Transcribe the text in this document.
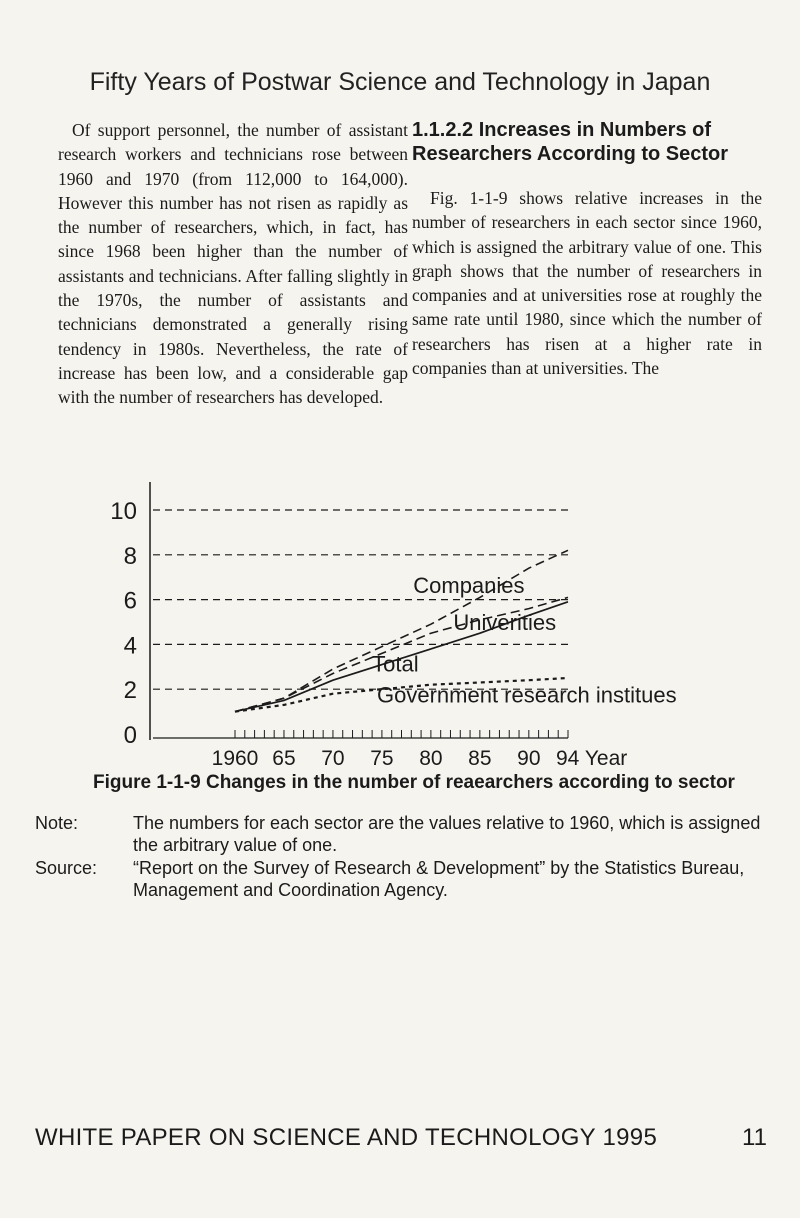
Fifty Years of Postwar Science and Technology in Japan

Of support personnel, the number of assistant research workers and technicians rose between 1960 and 1970 (from 112,000 to 164,000). However this number has not risen as rapidly as the number of researchers, which, in fact, has since 1968 been higher than the number of assistants and technicians. After falling slightly in the 1970s, the number of assistants and technicians demonstrated a generally rising tendency in 1980s. Nevertheless, the rate of increase has been low, and a considerable gap with the number of researchers has developed.

1.1.2.2 Increases in Numbers of Researchers According to Sector

Fig. 1-1-9 shows relative increases in the number of researchers in each sector since 1960, which is assigned the arbitrary value of one. This graph shows that the number of researchers in companies and at universities rose at roughly the same rate until 1980, since which the number of researchers has risen at a higher rate in companies than at universities. The

0
2
4
6
8
10
1960 65 70 75 80 85 90 94 Year
Companies
Univerities
Total
Government research institues
Figure 1-1-9 Changes in the number of reaearchers according to sector
Note:	The numbers for each sector are the values relative to 1960, which is assigned the arbitrary value of one.
Source: “Report on the Survey of Research & Development” by the Statistics Bureau, Management and Coordination Agency.
WHITE PAPER ON SCIENCE AND TECHNOLOGY 1995	11
